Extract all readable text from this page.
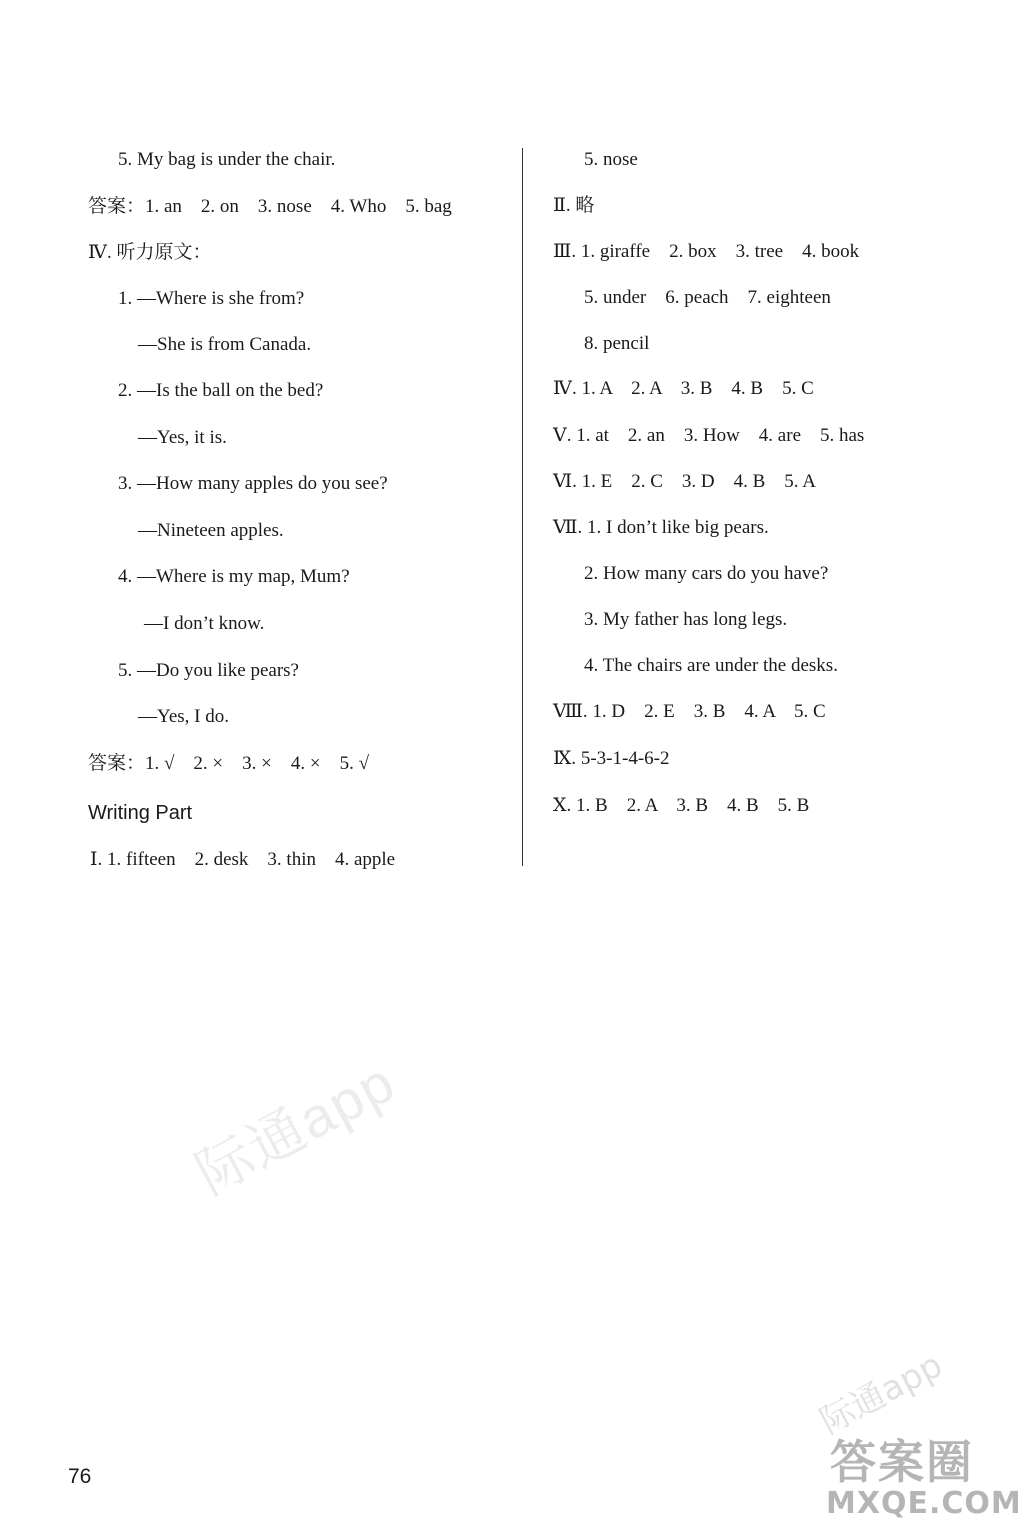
5. My bag is under the chair.
答案：1. an    2. on    3. nose    4. Who    5. bag
Ⅳ. 听力原文：
1. —Where is she from?
—She is from Canada.
2. —Is the ball on the bed?
—Yes, it is.
3. —How many apples do you see?
—Nineteen apples.
4. —Where is my map, Mum?
—I don’t know.
5. —Do you like pears?
—Yes, I do.
答案：1. √    2. ×    3. ×    4. ×    5. √
Writing Part
Ⅰ. 1. fifteen    2. desk    3. thin    4. apple
5. nose
Ⅱ. 略
Ⅲ. 1. giraffe    2. box    3. tree    4. book
5. under    6. peach    7. eighteen
8. pencil
Ⅳ. 1. A    2. A    3. B    4. B    5. C
Ⅴ. 1. at    2. an    3. How    4. are    5. has
Ⅵ. 1. E    2. C    3. D    4. B    5. A
Ⅶ. 1. I don’t like big pears.
2. How many cars do you have?
3. My father has long legs.
4. The chairs are under the desks.
Ⅷ. 1. D    2. E    3. B    4. A    5. C
Ⅸ. 5-3-1-4-6-2
Ⅹ. 1. B    2. A    3. B    4. B    5. B
际通app
际通app
答案圈
MXQE.COM
76
